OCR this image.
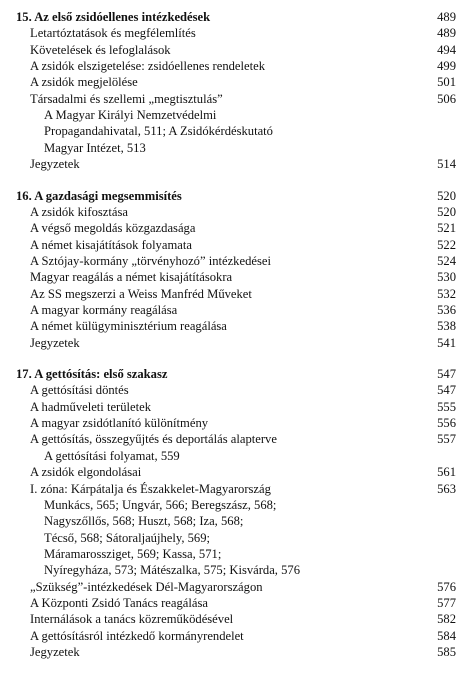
15. Az első zsidóellenes intézkedések	489
Letartóztatások és megfélemlítés	489
Követelések és lefoglalások	494
A zsidók elszigetelése: zsidóellenes rendeletek	499
A zsidók megjelölése	501
Társadalmi és szellemi „megtisztulás”	506
A Magyar Királyi Nemzetvédelmi
Propagandahivatal, 511; A Zsidókérdéskutató
Magyar Intézet, 513
Jegyzetek	514
16. A gazdasági megsemmisítés	520
A zsidók kifosztása	520
A végső megoldás közgazdasága	521
A német kisajátítások folyamata	522
A Sztójay-kormány „törvényhozó” intézkedései	524
Magyar reagálás a német kisajátításokra	530
Az SS megszerzi a Weiss Manfréd Műveket	532
A magyar kormány reagálása	536
A német külügyminisztérium reagálása	538
Jegyzetek	541
17. A gettósítás: első szakasz	547
A gettósítási döntés	547
A hadműveleti területek	555
A magyar zsidótlanító különítmény	556
A gettósítás, összegyűjtés és deportálás alapterve	557
A gettósítási folyamat, 559
A zsidók elgondolásai	561
I. zóna: Kárpátalja és Északkelet-Magyarország	563
Munkács, 565; Ungvár, 566; Beregszász, 568;
Nagyszőllős, 568; Huszt, 568; Iza, 568;
Técső, 568; Sátoraljaújhely, 569;
Máramarossziget, 569; Kassa, 571;
Nyíregyháza, 573; Mátészalka, 575; Kisvárda, 576
„Szükség”-intézkedések Dél-Magyarországon	576
A Központi Zsidó Tanács reagálása	577
Internálások a tanács közreműködésével	582
A gettósításról intézkedő kormányrendelet	584
Jegyzetek	585
